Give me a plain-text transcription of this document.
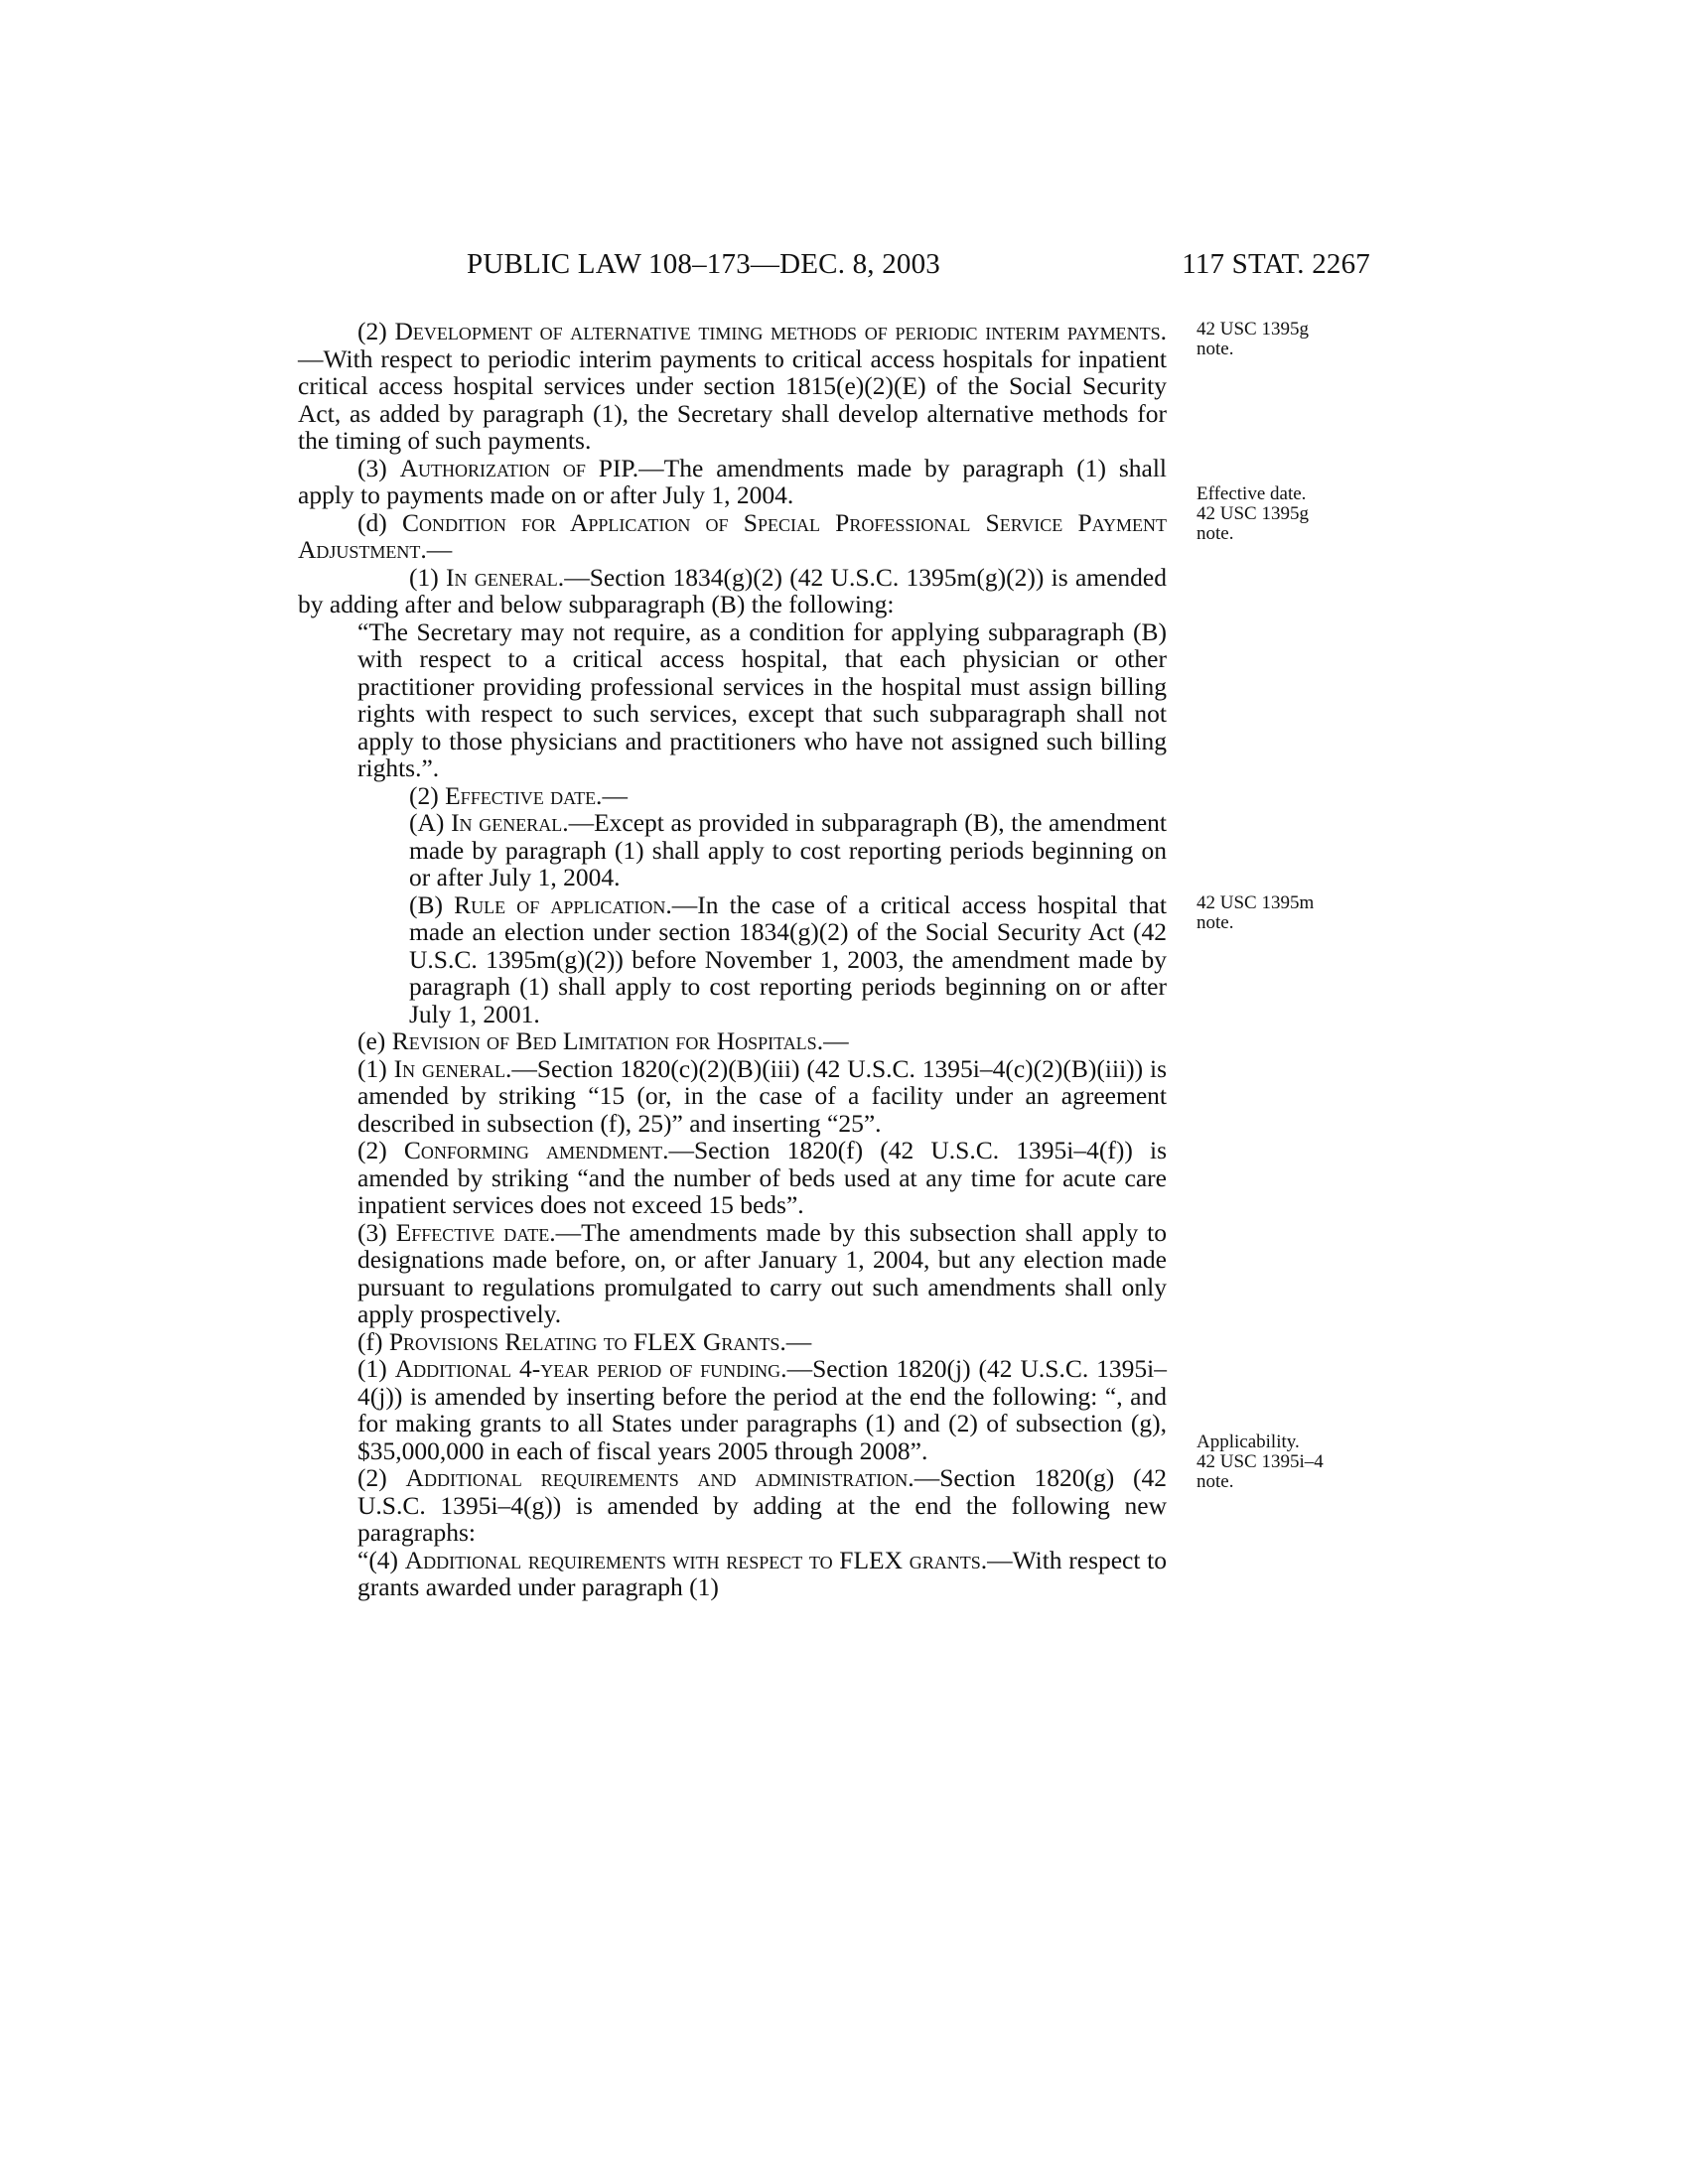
PUBLIC LAW 108–173—DEC. 8, 2003	117 STAT. 2267
42 USC 1395g
note.
Effective date.
42 USC 1395g
note.
42 USC 1395m
note.
Applicability.
42 USC 1395i–4
note.

(2) Development of alternative timing methods of periodic interim payments.—With respect to periodic interim payments to critical access hospitals for inpatient critical access hospital services under section 1815(e)(2)(E) of the Social Security Act, as added by paragraph (1), the Secretary shall develop alternative methods for the timing of such payments.

(3) Authorization of PIP.—The amendments made by paragraph (1) shall apply to payments made on or after July 1, 2004.

(d) Condition for Application of Special Professional Service Payment Adjustment.—

(1) In general.—Section 1834(g)(2) (42 U.S.C. 1395m(g)(2)) is amended by adding after and below subparagraph (B) the following:

“The Secretary may not require, as a condition for applying subparagraph (B) with respect to a critical access hospital, that each physician or other practitioner providing professional services in the hospital must assign billing rights with respect to such services, except that such subparagraph shall not apply to those physicians and practitioners who have not assigned such billing rights.”.

(2) Effective date.—

(A) In general.—Except as provided in subparagraph (B), the amendment made by paragraph (1) shall apply to cost reporting periods beginning on or after July 1, 2004.

(B) Rule of application.—In the case of a critical access hospital that made an election under section 1834(g)(2) of the Social Security Act (42 U.S.C. 1395m(g)(2)) before November 1, 2003, the amendment made by paragraph (1) shall apply to cost reporting periods beginning on or after July 1, 2001.

(e) Revision of Bed Limitation for Hospitals.—

(1) In general.—Section 1820(c)(2)(B)(iii) (42 U.S.C. 1395i–4(c)(2)(B)(iii)) is amended by striking “15 (or, in the case of a facility under an agreement described in subsection (f), 25)” and inserting “25”.

(2) Conforming amendment.—Section 1820(f) (42 U.S.C. 1395i–4(f)) is amended by striking “and the number of beds used at any time for acute care inpatient services does not exceed 15 beds”.

(3) Effective date.—The amendments made by this subsection shall apply to designations made before, on, or after January 1, 2004, but any election made pursuant to regulations promulgated to carry out such amendments shall only apply prospectively.

(f) Provisions Relating to FLEX Grants.—

(1) Additional 4-year period of funding.—Section 1820(j) (42 U.S.C. 1395i–4(j)) is amended by inserting before the period at the end the following: “, and for making grants to all States under paragraphs (1) and (2) of subsection (g), $35,000,000 in each of fiscal years 2005 through 2008”.

(2) Additional requirements and administration.—Section 1820(g) (42 U.S.C. 1395i–4(g)) is amended by adding at the end the following new paragraphs:

“(4) Additional requirements with respect to FLEX grants.—With respect to grants awarded under paragraph (1)
